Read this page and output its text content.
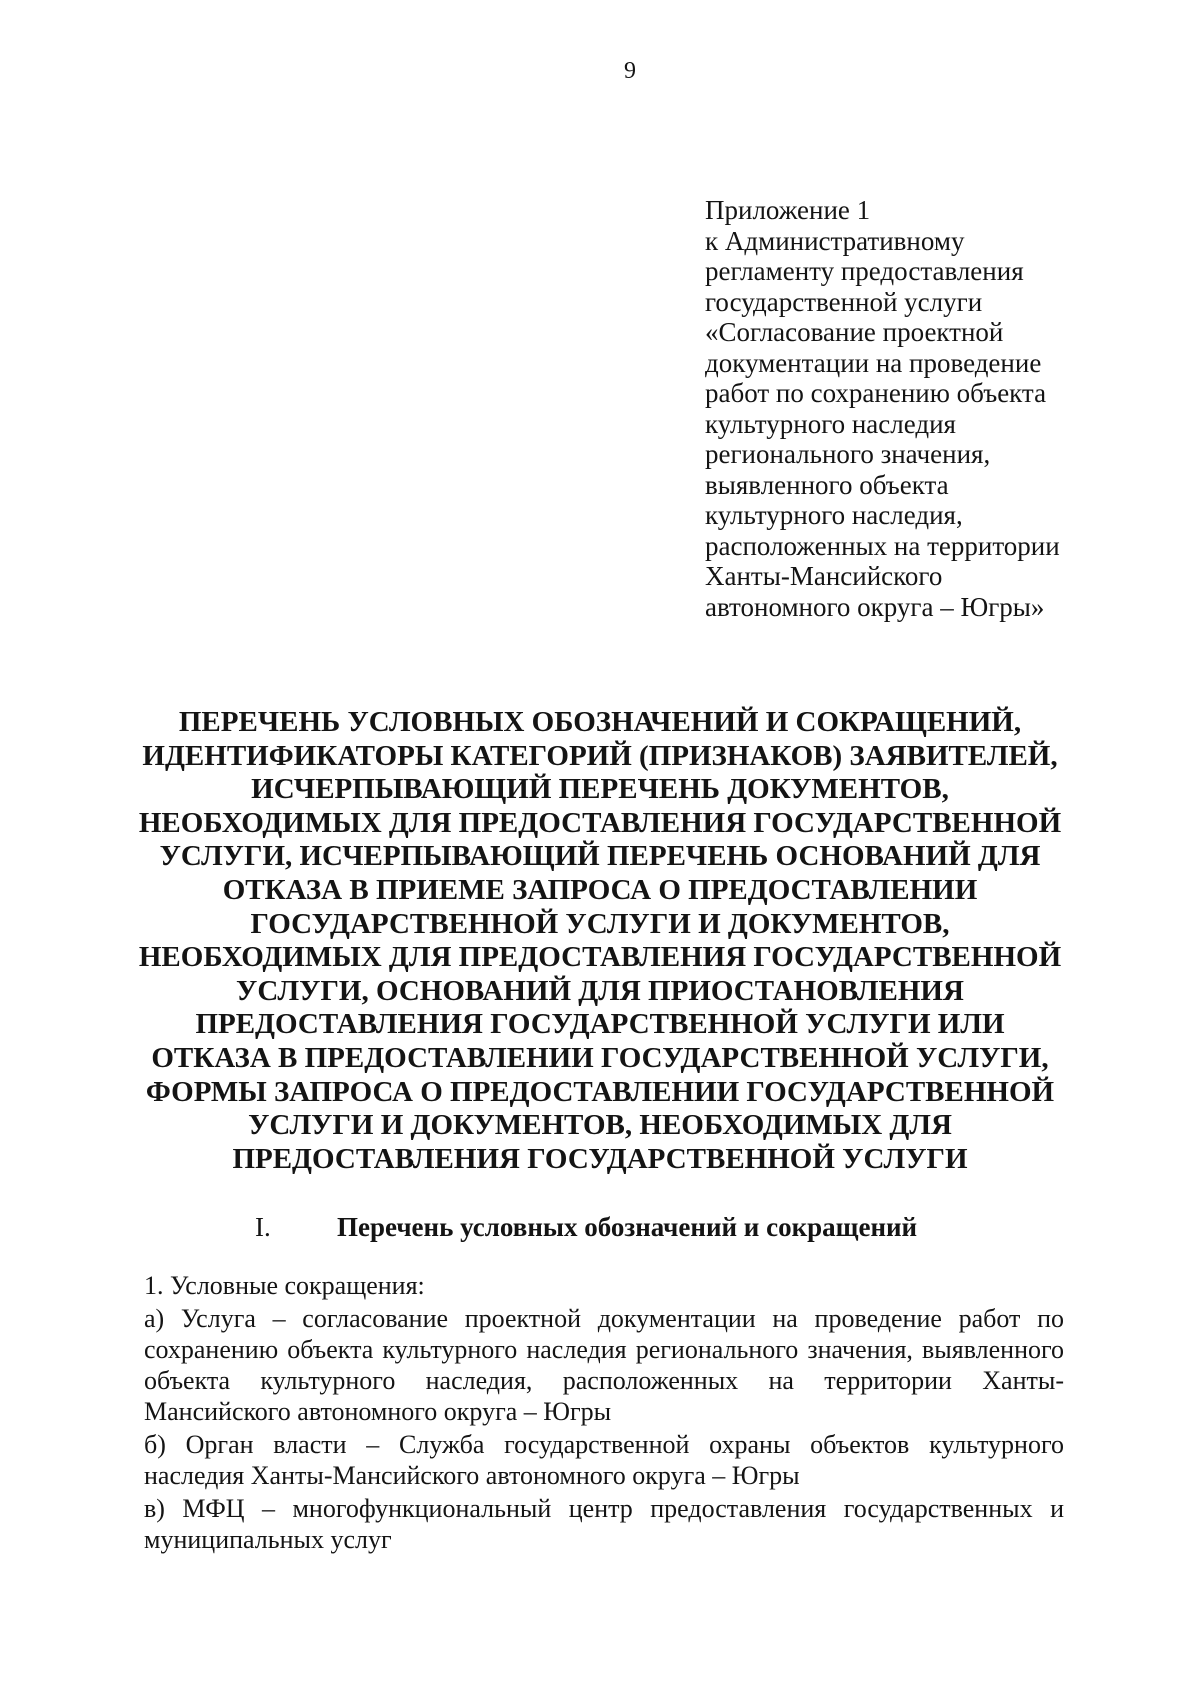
9
Приложение 1
к Административному
регламенту предоставления
государственной услуги
«Согласование проектной
документации на проведение
работ по сохранению объекта
культурного наследия
регионального значения,
выявленного объекта
культурного наследия,
расположенных на территории
Ханты-Мансийского
автономного округа – Югры»
ПЕРЕЧЕНЬ УСЛОВНЫХ ОБОЗНАЧЕНИЙ И СОКРАЩЕНИЙ,
ИДЕНТИФИКАТОРЫ КАТЕГОРИЙ (ПРИЗНАКОВ) ЗАЯВИТЕЛЕЙ,
ИСЧЕРПЫВАЮЩИЙ ПЕРЕЧЕНЬ ДОКУМЕНТОВ,
НЕОБХОДИМЫХ ДЛЯ ПРЕДОСТАВЛЕНИЯ ГОСУДАРСТВЕННОЙ
УСЛУГИ, ИСЧЕРПЫВАЮЩИЙ ПЕРЕЧЕНЬ ОСНОВАНИЙ ДЛЯ
ОТКАЗА В ПРИЕМЕ ЗАПРОСА О ПРЕДОСТАВЛЕНИИ
ГОСУДАРСТВЕННОЙ УСЛУГИ И ДОКУМЕНТОВ,
НЕОБХОДИМЫХ ДЛЯ ПРЕДОСТАВЛЕНИЯ ГОСУДАРСТВЕННОЙ
УСЛУГИ, ОСНОВАНИЙ ДЛЯ ПРИОСТАНОВЛЕНИЯ
ПРЕДОСТАВЛЕНИЯ ГОСУДАРСТВЕННОЙ УСЛУГИ ИЛИ
ОТКАЗА В ПРЕДОСТАВЛЕНИИ ГОСУДАРСТВЕННОЙ УСЛУГИ,
ФОРМЫ ЗАПРОСА О ПРЕДОСТАВЛЕНИИ ГОСУДАРСТВЕННОЙ
УСЛУГИ И ДОКУМЕНТОВ, НЕОБХОДИМЫХ ДЛЯ
ПРЕДОСТАВЛЕНИЯ ГОСУДАРСТВЕННОЙ УСЛУГИ
I. Перечень условных обозначений и сокращений

1. Условные сокращения:

а) Услуга – согласование проектной документации на проведение работ по сохранению объекта культурного наследия регионального значения, выявленного объекта культурного наследия, расположенных на территории Ханты-Мансийского автономного округа – Югры

б) Орган власти – Служба государственной охраны объектов культурного наследия Ханты-Мансийского автономного округа – Югры

в) МФЦ – многофункциональный центр предоставления государственных и муниципальных услуг
